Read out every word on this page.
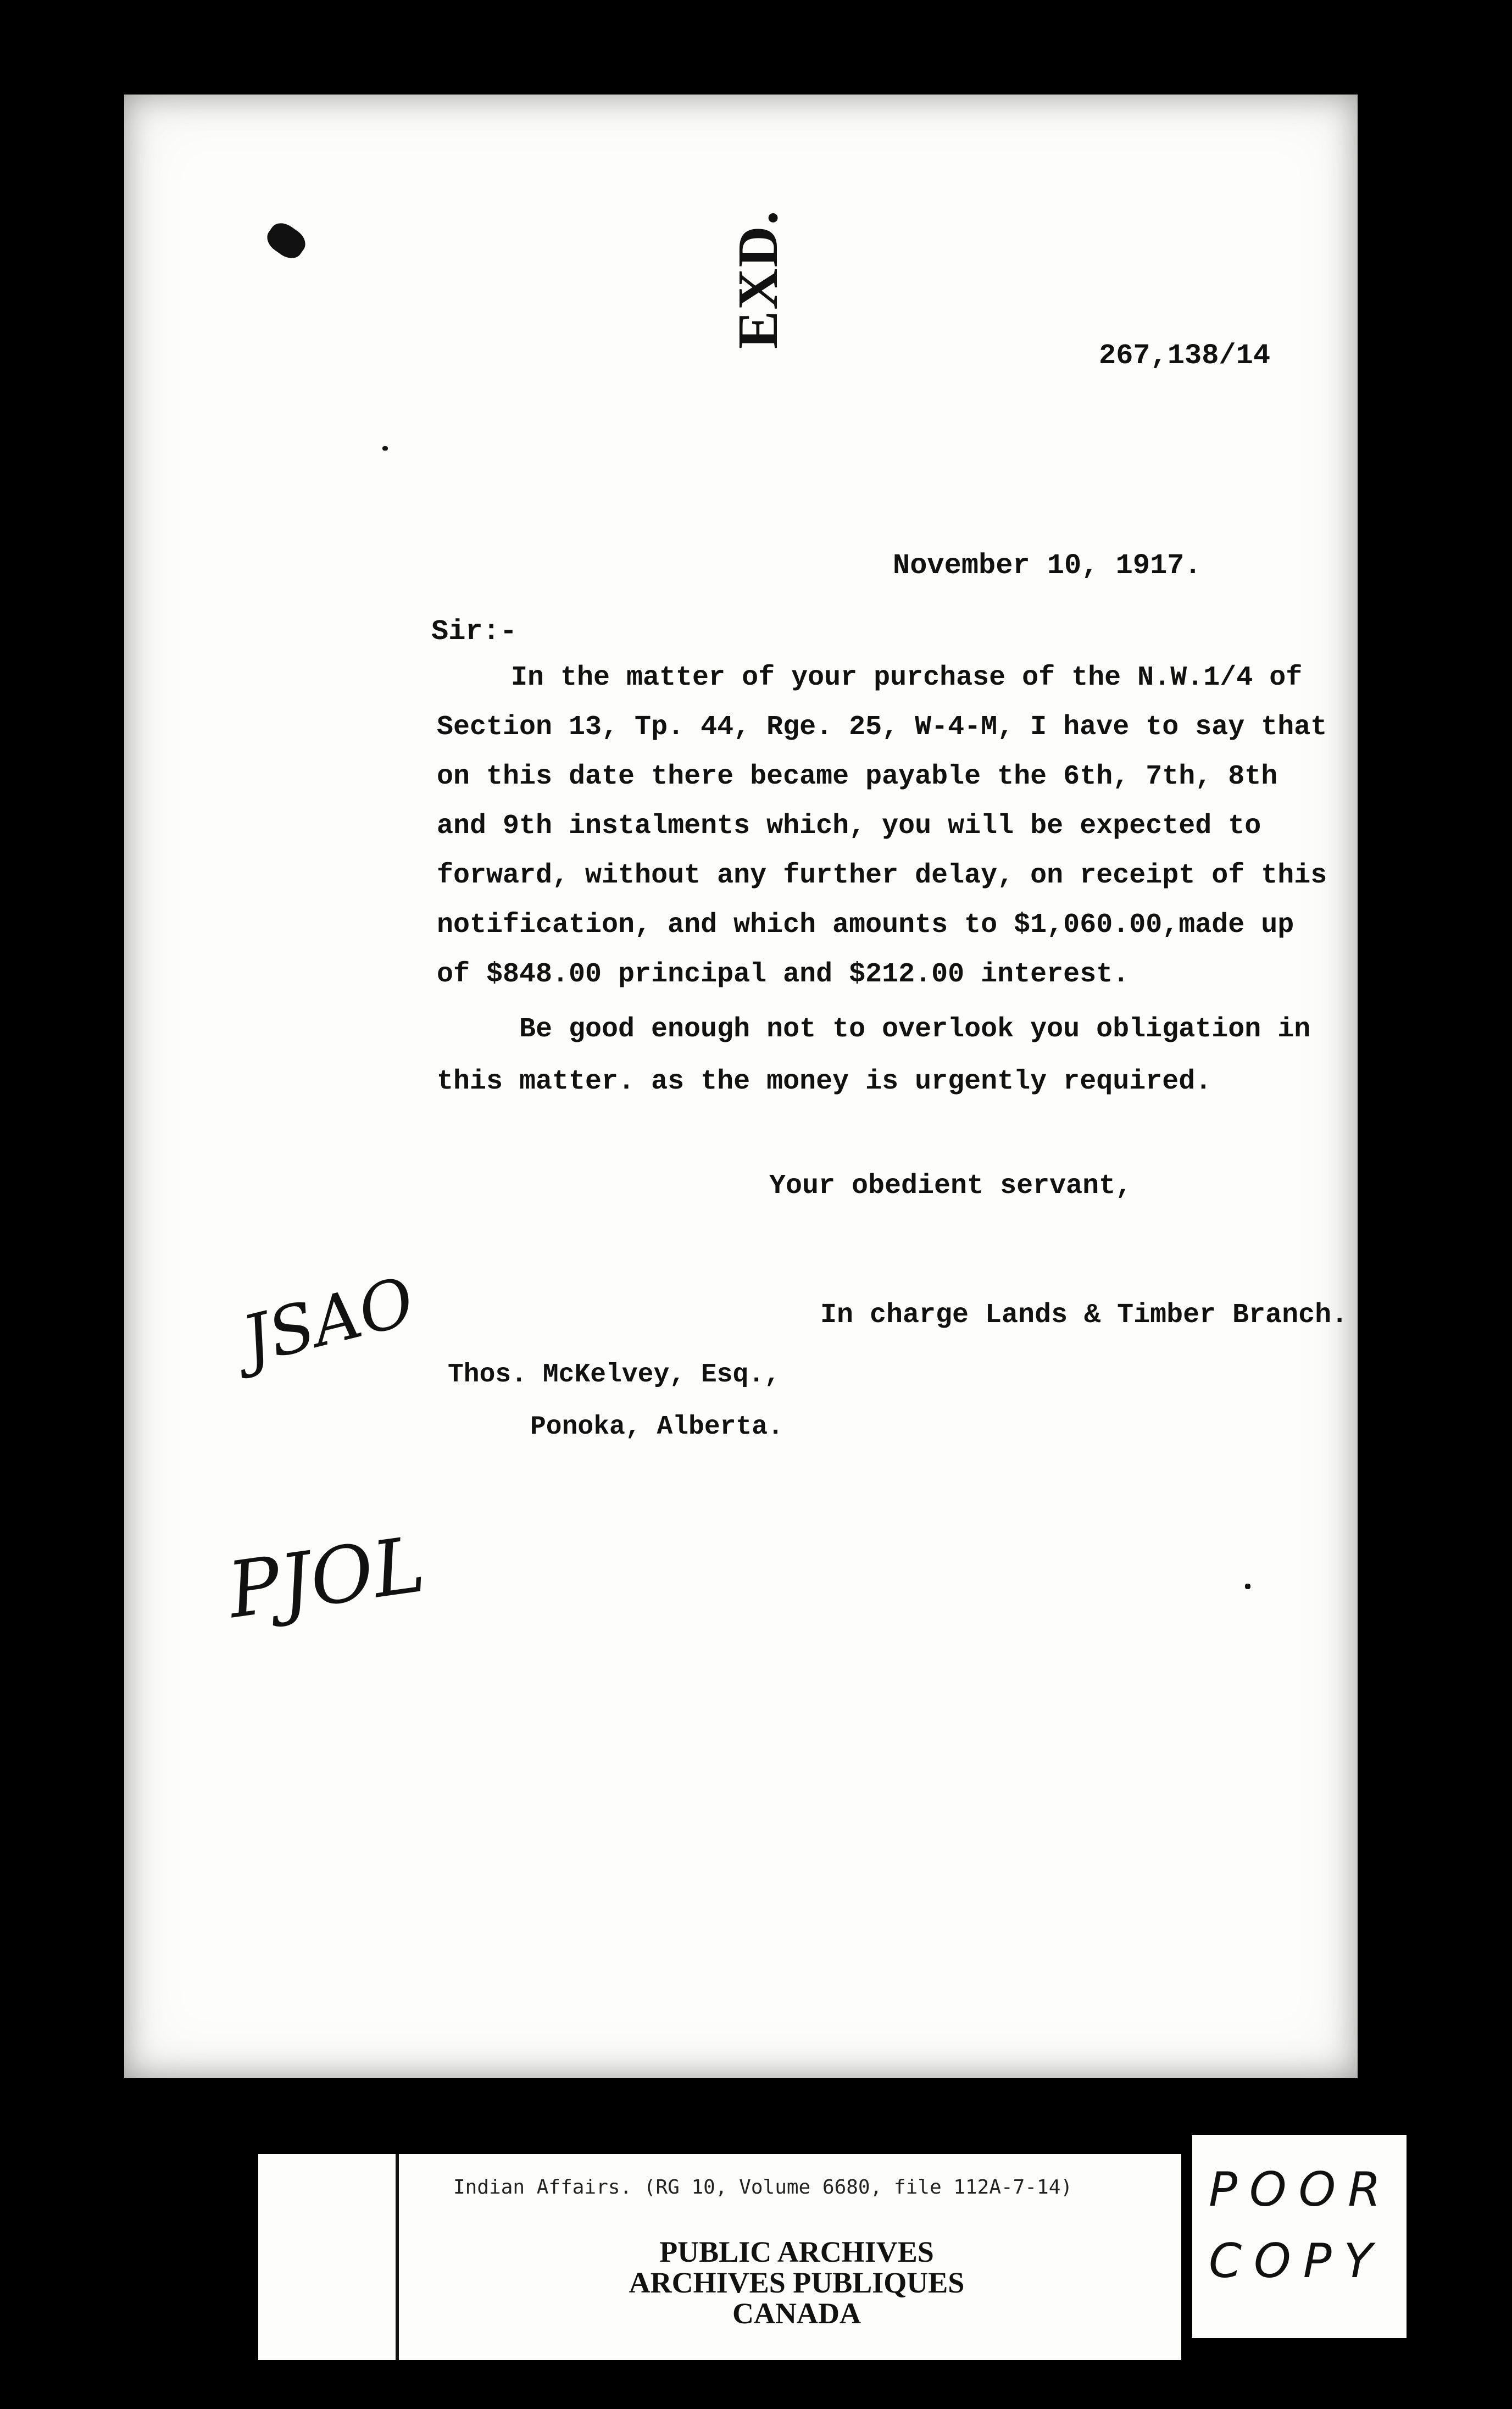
EXD.
267,138/14
November 10, 1917.
Sir:-
In the matter of your purchase of the N.W.1/4 of
Section 13, Tp. 44, Rge. 25, W-4-M, I have to say that
on this date there became payable the 6th, 7th, 8th
and 9th instalments which, you will be expected to
forward, without any further delay, on receipt of this
notification, and which amounts to $1,060.00,made up
of $848.00 principal and $212.00 interest.
Be good enough not to overlook you obligation in
this matter. as the money is urgently required.
Your obedient servant,
In charge Lands & Timber Branch.
Thos. McKelvey, Esq.,
Ponoka, Alberta.
JSAO
PJOL
Indian Affairs. (RG 10, Volume 6680, file 112A-7-14)
PUBLIC ARCHIVES
ARCHIVES PUBLIQUES
CANADA
POOR
COPY
